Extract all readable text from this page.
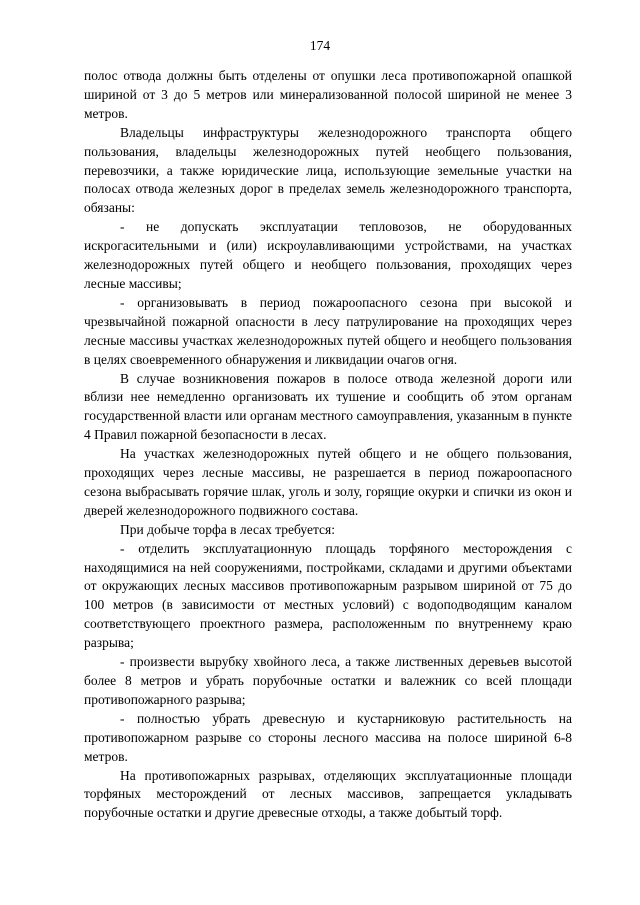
174

полос отвода должны быть отделены от опушки леса противопожарной опашкой шириной от 3 до 5 метров или минерализованной полосой шириной не менее 3 метров.

Владельцы инфраструктуры железнодорожного транспорта общего пользования, владельцы железнодорожных путей необщего пользования, перевозчики, а также юридические лица, использующие земельные участки на полосах отвода железных дорог в пределах земель железнодорожного транспорта, обязаны:

- не допускать эксплуатации тепловозов, не оборудованных искрогасительными и (или) искроулавливающими устройствами, на участках железнодорожных путей общего и необщего пользования, проходящих через лесные массивы;

- организовывать в период пожароопасного сезона при высокой и чрезвычайной пожарной опасности в лесу патрулирование на проходящих через лесные массивы участках железнодорожных путей общего и необщего пользования в целях своевременного обнаружения и ликвидации очагов огня.

В случае возникновения пожаров в полосе отвода железной дороги или вблизи нее немедленно организовать их тушение и сообщить об этом органам государственной власти или органам местного самоуправления, указанным в пункте 4 Правил пожарной безопасности в лесах.

На участках железнодорожных путей общего и не общего пользования, проходящих через лесные массивы, не разрешается в период пожароопасного сезона выбрасывать горячие шлак, уголь и золу, горящие окурки и спички из окон и дверей железнодорожного подвижного состава.

При добыче торфа в лесах требуется:

- отделить эксплуатационную площадь торфяного месторождения с находящимися на ней сооружениями, постройками, складами и другими объектами от окружающих лесных массивов противопожарным разрывом шириной от 75 до 100 метров (в зависимости от местных условий) с водоподводящим каналом соответствующего проектного размера, расположенным по внутреннему краю разрыва;

- произвести вырубку хвойного леса, а также лиственных деревьев высотой более 8 метров и убрать порубочные остатки и валежник со всей площади противопожарного разрыва;

- полностью убрать древесную и кустарниковую растительность на противопожарном разрыве со стороны лесного массива на полосе шириной 6-8 метров.

На противопожарных разрывах, отделяющих эксплуатационные площади торфяных месторождений от лесных массивов, запрещается укладывать порубочные остатки и другие древесные отходы, а также добытый торф.
